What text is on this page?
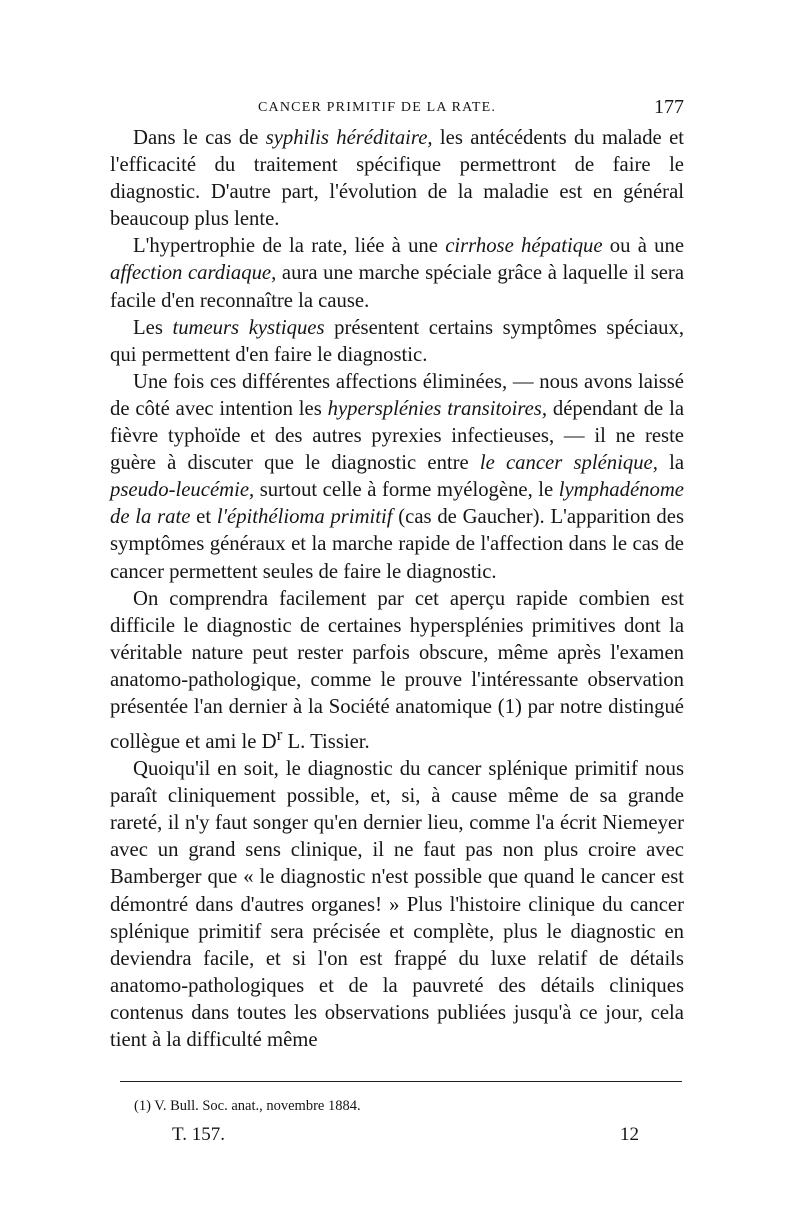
CANCER PRIMITIF DE LA RATE.	177

Dans le cas de syphilis héréditaire, les antécédents du malade et l'efficacité du traitement spécifique permettront de faire le diagnostic. D'autre part, l'évolution de la maladie est en général beaucoup plus lente.

L'hypertrophie de la rate, liée à une cirrhose hépatique ou à une affection cardiaque, aura une marche spéciale grâce à laquelle il sera facile d'en reconnaître la cause.

Les tumeurs kystiques présentent certains symptômes spéciaux, qui permettent d'en faire le diagnostic.

Une fois ces différentes affections éliminées, — nous avons laissé de côté avec intention les hypersplénies transitoires, dépendant de la fièvre typhoïde et des autres pyrexies infectieuses, — il ne reste guère à discuter que le diagnostic entre le cancer splénique, la pseudo-leucémie, surtout celle à forme myélogène, le lymphadénome de la rate et l'épithélioma primitif (cas de Gaucher). L'apparition des symptômes généraux et la marche rapide de l'affection dans le cas de cancer permettent seules de faire le diagnostic.

On comprendra facilement par cet aperçu rapide combien est difficile le diagnostic de certaines hypersplénies primitives dont la véritable nature peut rester parfois obscure, même après l'examen anatomo-pathologique, comme le prouve l'intéressante observation présentée l'an dernier à la Société anatomique (1) par notre distingué collègue et ami le $D^r$ L. Tissier.

Quoiqu'il en soit, le diagnostic du cancer splénique primitif nous paraît cliniquement possible, et, si, à cause même de sa grande rareté, il n'y faut songer qu'en dernier lieu, comme l'a écrit Niemeyer avec un grand sens clinique, il ne faut pas non plus croire avec Bamberger que « le diagnostic n'est possible que quand le cancer est démontré dans d'autres organes! » Plus l'histoire clinique du cancer splénique primitif sera précisée et complète, plus le diagnostic en deviendra facile, et si l'on est frappé du luxe relatif de détails anatomo-pathologiques et de la pauvreté des détails cliniques contenus dans toutes les observations publiées jusqu'à ce jour, cela tient à la difficulté même

(1) V. Bull. Soc. anat., novembre 1884.
T. 157.	12
